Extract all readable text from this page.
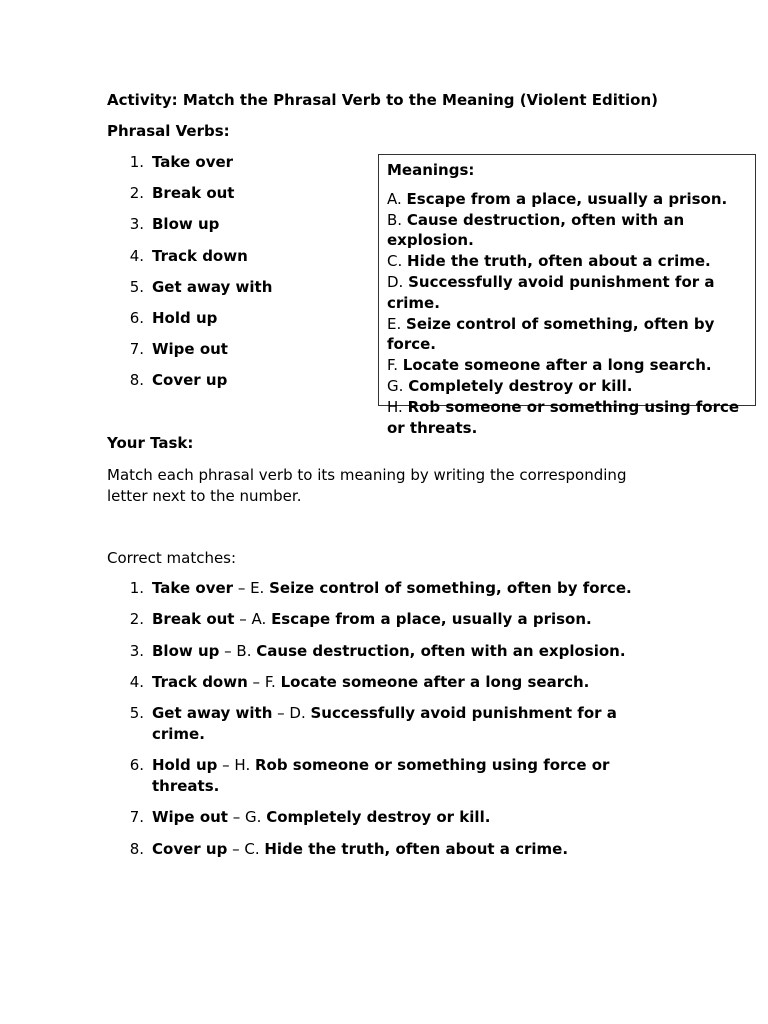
Activity: Match the Phrasal Verb to the Meaning (Violent Edition)
Phrasal Verbs:
1. Take over
2. Break out
3. Blow up
4. Track down
5. Get away with
6. Hold up
7. Wipe out
8. Cover up
Meanings:
A. Escape from a place, usually a prison.
B. Cause destruction, often with an explosion.
C. Hide the truth, often about a crime.
D. Successfully avoid punishment for a crime.
E. Seize control of something, often by force.
F. Locate someone after a long search.
G. Completely destroy or kill.
H. Rob someone or something using force or threats.
Your Task:
Match each phrasal verb to its meaning by writing the corresponding letter next to the number.
Correct matches:
1. Take over – E. Seize control of something, often by force.
2. Break out – A. Escape from a place, usually a prison.
3. Blow up – B. Cause destruction, often with an explosion.
4. Track down – F. Locate someone after a long search.
5. Get away with – D. Successfully avoid punishment for a crime.
6. Hold up – H. Rob someone or something using force or threats.
7. Wipe out – G. Completely destroy or kill.
8. Cover up – C. Hide the truth, often about a crime.
